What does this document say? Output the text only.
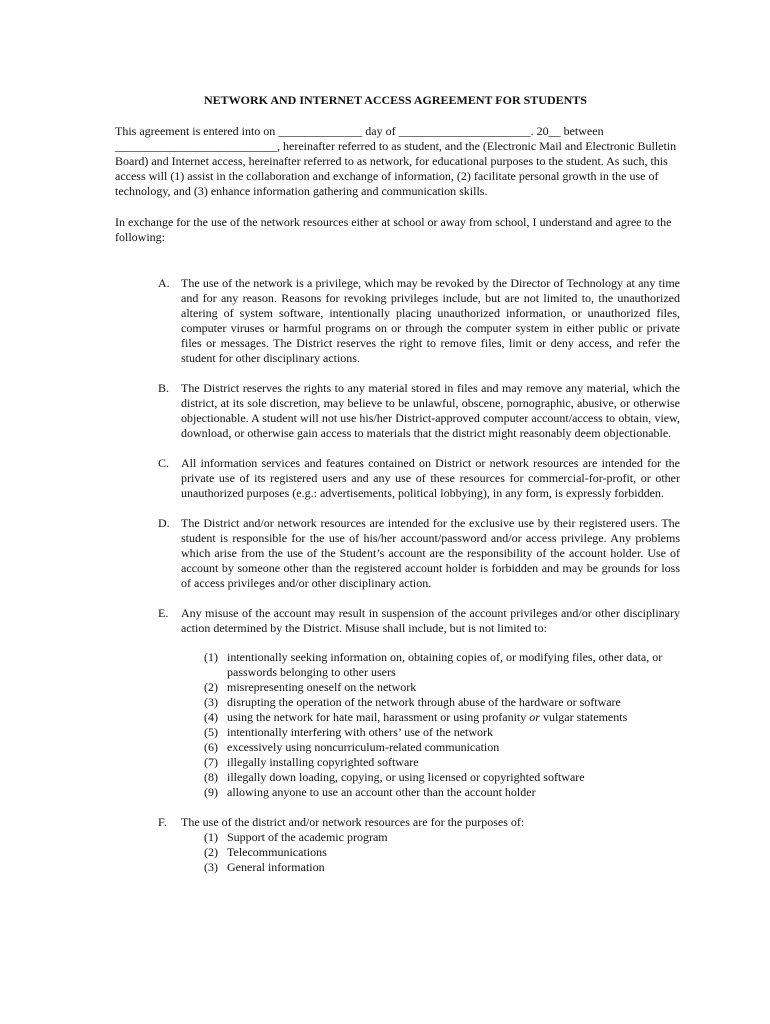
NETWORK AND INTERNET ACCESS AGREEMENT FOR STUDENTS

This agreement is entered into on ______________ day of ______________________. 20__ between ___________________________, hereinafter referred to as student, and the (Electronic Mail and Electronic Bulletin Board) and Internet access, hereinafter referred to as network, for educational purposes to the student. As such, this access will (1) assist in the collaboration and exchange of information, (2) facilitate personal growth in the use of technology, and (3) enhance information gathering and communication skills.

In exchange for the use of the network resources either at school or away from school, I understand and agree to the following:

A. The use of the network is a privilege, which may be revoked by the Director of Technology at any time and for any reason. Reasons for revoking privileges include, but are not limited to, the unauthorized altering of system software, intentionally placing unauthorized information, or unauthorized files, computer viruses or harmful programs on or through the computer system in either public or private files or messages. The District reserves the right to remove files, limit or deny access, and refer the student for other disciplinary actions.
B. The District reserves the rights to any material stored in files and may remove any material, which the district, at its sole discretion, may believe to be unlawful, obscene, pornographic, abusive, or otherwise objectionable. A student will not use his/her District-approved computer account/access to obtain, view, download, or otherwise gain access to materials that the district might reasonably deem objectionable.
C. All information services and features contained on District or network resources are intended for the private use of its registered users and any use of these resources for commercial-for-profit, or other unauthorized purposes (e.g.: advertisements, political lobbying), in any form, is expressly forbidden.
D. The District and/or network resources are intended for the exclusive use by their registered users. The student is responsible for the use of his/her account/password and/or access privilege. Any problems which arise from the use of the Student’s account are the responsibility of the account holder. Use of account by someone other than the registered account holder is forbidden and may be grounds for loss of access privileges and/or other disciplinary action.
E. Any misuse of the account may result in suspension of the account privileges and/or other disciplinary action determined by the District. Misuse shall include, but is not limited to:
(1) intentionally seeking information on, obtaining copies of, or modifying files, other data, or passwords belonging to other users
(2) misrepresenting oneself on the network
(3) disrupting the operation of the network through abuse of the hardware or software
(4) using the network for hate mail, harassment or using profanity or vulgar statements
(5) intentionally interfering with others’ use of the network
(6) excessively using noncurriculum-related communication
(7) illegally installing copyrighted software
(8) illegally down loading, copying, or using licensed or copyrighted software
(9) allowing anyone to use an account other than the account holder
F. The use of the district and/or network resources are for the purposes of:
(1) Support of the academic program
(2) Telecommunications
(3) General information
